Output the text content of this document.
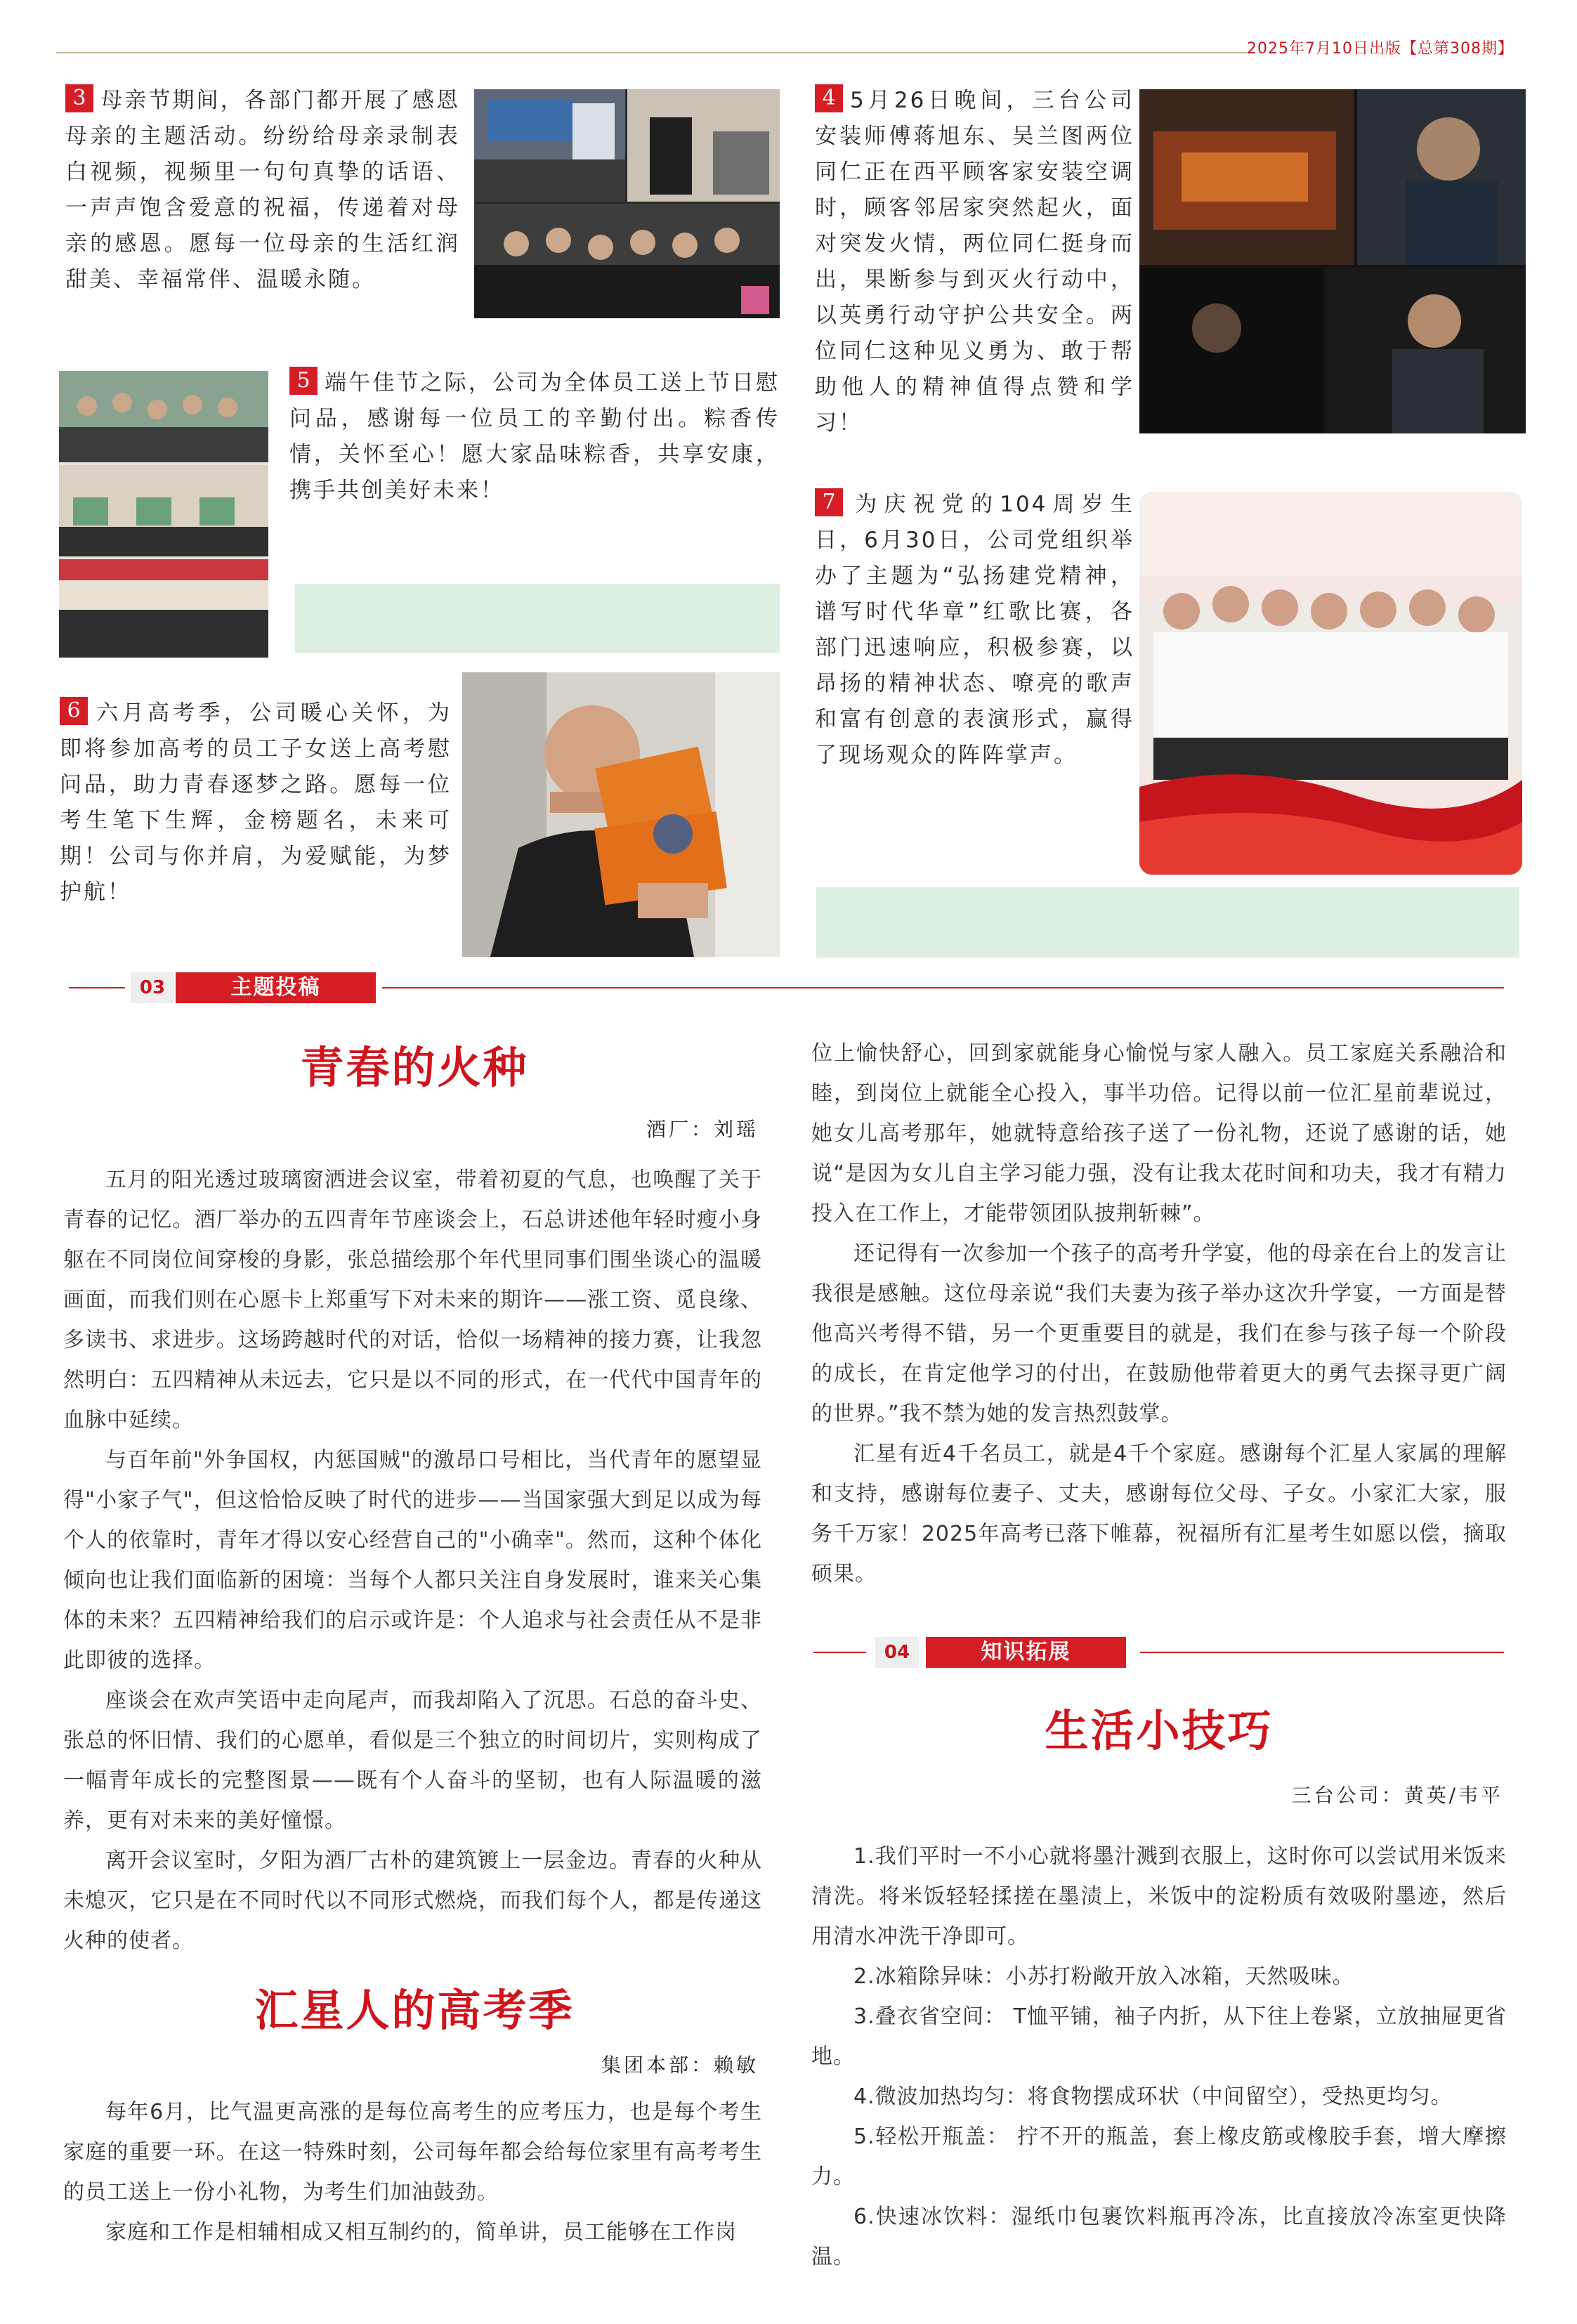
2025年7月10日出版【总第308期】
3 母亲节期间，各部门都开展了感恩母亲的主题活动。纷纷给母亲录制表白视频，视频里一句句真挚的话语、一声声饱含爱意的祝福，传递着对母亲的感恩。愿每一位母亲的生活红润甜美、幸福常伴、温暖永随。
4 5月26日晚间，三台公司安装师傅蒋旭东、吴兰图两位同仁正在西平顾客家安装空调时，顾客邻居家突然起火，面对突发火情，两位同仁挺身而出，果断参与到灭火行动中，以英勇行动守护公共安全。两位同仁这种见义勇为、敢于帮助他人的精神值得点赞和学习！
5 端午佳节之际，公司为全体员工送上节日慰问品，感谢每一位员工的辛勤付出。粽香传情，关怀至心！愿大家品味粽香，共享安康，携手共创美好未来！
6 六月高考季，公司暖心关怀，为即将参加高考的员工子女送上高考慰问品，助力青春逐梦之路。愿每一位考生笔下生辉，金榜题名，未来可期！公司与你并肩，为爱赋能，为梦护航！
7 为庆祝党的104周岁生日，6月30日，公司党组织举办了主题为“弘扬建党精神，谱写时代华章”红歌比赛，各部门迅速响应，积极参赛，以昂扬的精神状态、嘹亮的歌声和富有创意的表演形式，赢得了现场观众的阵阵掌声。
03	主题投稿
青春的火种
酒厂：刘瑶

五月的阳光透过玻璃窗洒进会议室，带着初夏的气息，也唤醒了关于青春的记忆。酒厂举办的五四青年节座谈会上，石总讲述他年轻时瘦小身躯在不同岗位间穿梭的身影，张总描绘那个年代里同事们围坐谈心的温暖画面，而我们则在心愿卡上郑重写下对未来的期许——涨工资、觅良缘、多读书、求进步。这场跨越时代的对话，恰似一场精神的接力赛，让我忽然明白：五四精神从未远去，它只是以不同的形式，在一代代中国青年的血脉中延续。

与百年前"外争国权，内惩国贼"的激昂口号相比，当代青年的愿望显得"小家子气"，但这恰恰反映了时代的进步——当国家强大到足以成为每个人的依靠时，青年才得以安心经营自己的"小确幸"。然而，这种个体化倾向也让我们面临新的困境：当每个人都只关注自身发展时，谁来关心集体的未来？五四精神给我们的启示或许是：个人追求与社会责任从不是非此即彼的选择。

座谈会在欢声笑语中走向尾声，而我却陷入了沉思。石总的奋斗史、张总的怀旧情、我们的心愿单，看似是三个独立的时间切片，实则构成了一幅青年成长的完整图景——既有个人奋斗的坚韧，也有人际温暖的滋养，更有对未来的美好憧憬。

离开会议室时，夕阳为酒厂古朴的建筑镀上一层金边。青春的火种从未熄灭，它只是在不同时代以不同形式燃烧，而我们每个人，都是传递这火种的使者。

汇星人的高考季
集团本部：赖敏

每年6月，比气温更高涨的是每位高考生的应考压力，也是每个考生家庭的重要一环。在这一特殊时刻，公司每年都会给每位家里有高考考生的员工送上一份小礼物，为考生们加油鼓劲。

家庭和工作是相辅相成又相互制约的，简单讲，员工能够在工作岗

位上愉快舒心，回到家就能身心愉悦与家人融入。员工家庭关系融洽和睦，到岗位上就能全心投入，事半功倍。记得以前一位汇星前辈说过，她女儿高考那年，她就特意给孩子送了一份礼物，还说了感谢的话，她说“是因为女儿自主学习能力强，没有让我太花时间和功夫，我才有精力投入在工作上，才能带领团队披荆斩棘”。

还记得有一次参加一个孩子的高考升学宴，他的母亲在台上的发言让我很是感触。这位母亲说“我们夫妻为孩子举办这次升学宴，一方面是替他高兴考得不错，另一个更重要目的就是，我们在参与孩子每一个阶段的成长，在肯定他学习的付出，在鼓励他带着更大的勇气去探寻更广阔的世界。”我不禁为她的发言热烈鼓掌。

汇星有近4千名员工，就是4千个家庭。感谢每个汇星人家属的理解和支持，感谢每位妻子、丈夫，感谢每位父母、子女。小家汇大家，服务千万家！2025年高考已落下帷幕，祝福所有汇星考生如愿以偿，摘取硕果。

04	知识拓展
生活小技巧
三台公司：黄英/韦平

1.我们平时一不小心就将墨汁溅到衣服上，这时你可以尝试用米饭来清洗。将米饭轻轻揉搓在墨渍上，米饭中的淀粉质有效吸附墨迹，然后用清水冲洗干净即可。

2.冰箱除异味：小苏打粉敞开放入冰箱，天然吸味。

3.叠衣省空间： T恤平铺，袖子内折，从下往上卷紧，立放抽屉更省地。

4.微波加热均匀：将食物摆成环状（中间留空），受热更均匀。

5.轻松开瓶盖： 拧不开的瓶盖，套上橡皮筋或橡胶手套，增大摩擦力。

6.快速冰饮料：湿纸巾包裹饮料瓶再冷冻，比直接放冷冻室更快降温。
